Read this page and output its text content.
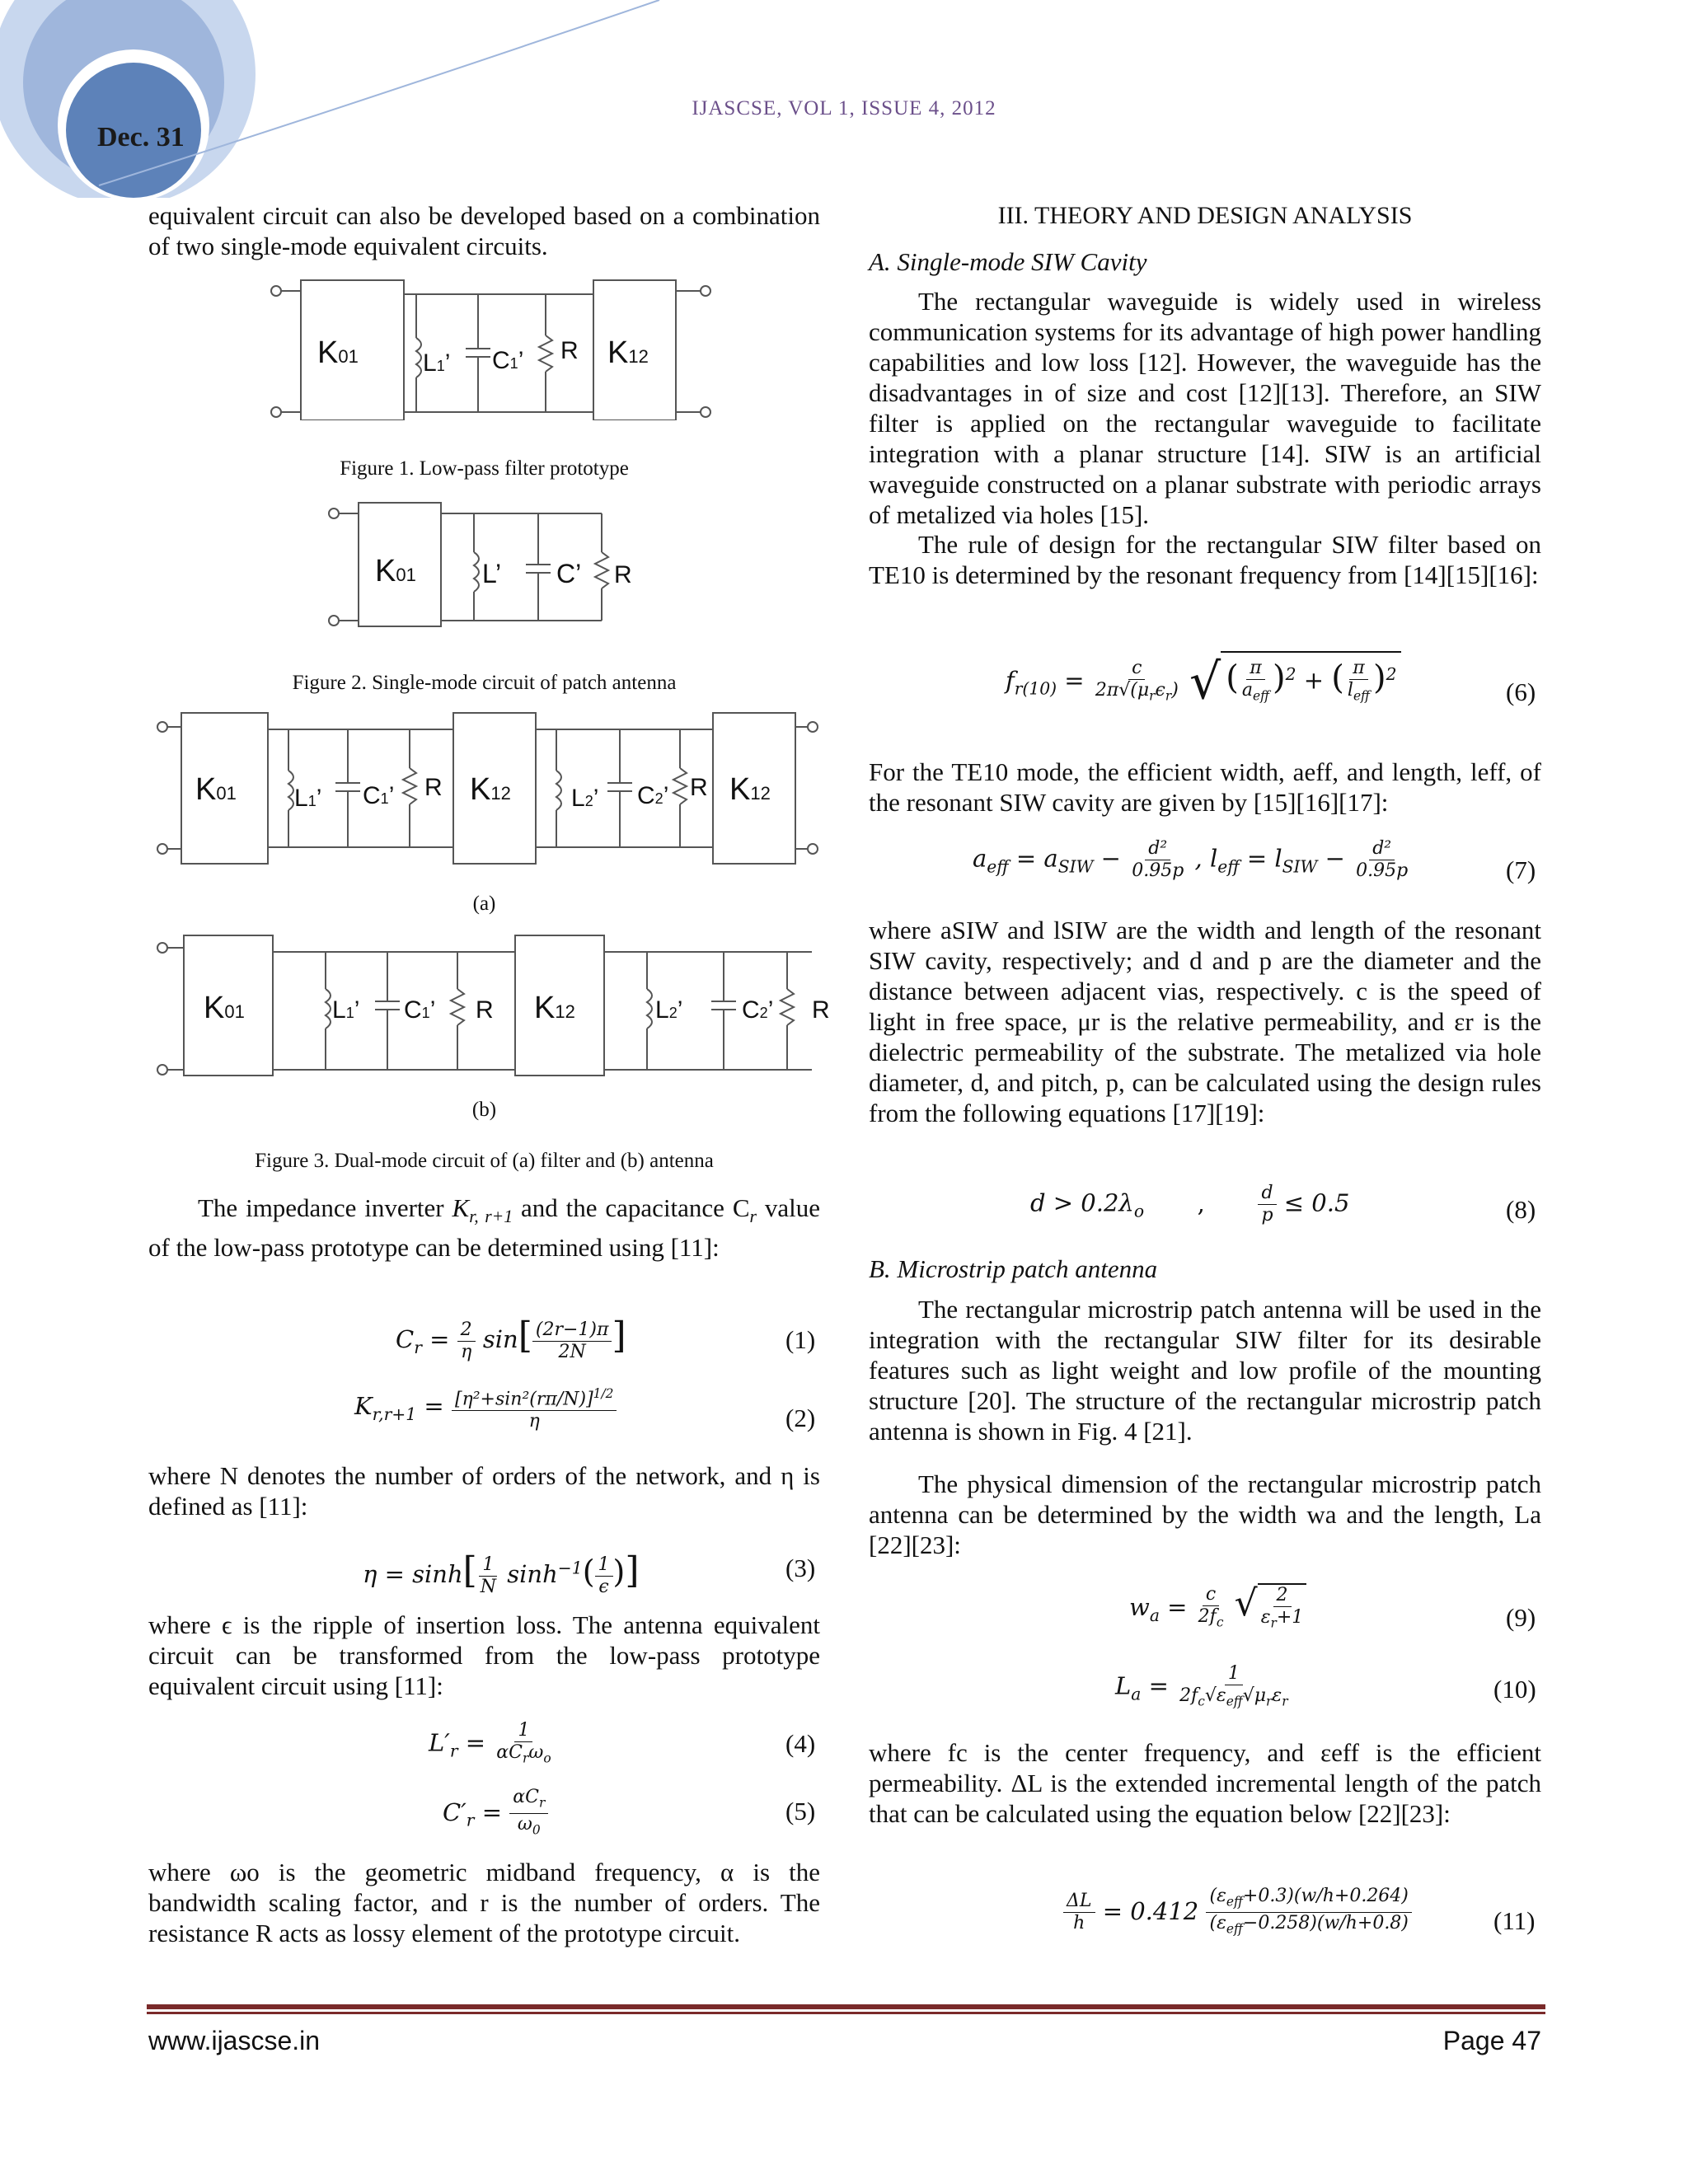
Dec. 31
IJASCSE, VOL 1, ISSUE 4, 2012

equivalent circuit can also be developed based on a combination of two single-mode equivalent circuits.

K01	L1’ C1’ R K12
Figure 1. Low-pass filter prototype
K01	L’ C’ R
Figure 2. Single-mode circuit of patch antenna
K01 L1’ C1’ R K12 L2’ C2’ R K12
(a)
K01	L1’ C1’ R K12	L2’ C2’ R
(b)
Figure 3. Dual-mode circuit of (a) filter and (b) antenna

The impedance inverter $K_{r, r+1}$ and the capacitance $C_r$ value of the low-pass prototype can be determined using [11]:

$C_r = \frac{2}{\eta} \sin[ \frac{(2r-1)\pi}{2N}$ ]	(1)
$K_{r,r+1} = \frac{[\eta^2+\sin^2(r\pi/N)]^{1/2}}{\eta}$	(2)

where N denotes the number of orders of the network, and η is defined as [11]:

$\eta = \sinh[ \frac{1}{N} \sinh^{-1}( \frac{1}{\epsilon}$ )]	(3)

where ϵ is the ripple of insertion loss. The antenna equivalent circuit can be transformed from the low-pass prototype equivalent circuit using [11]:

$L'_r = \frac{1}{\alpha C_r\omega_o}$	(4)
$C'_r = \frac{\alpha C_r}{\omega_0}$	(5)

where ωo is the geometric midband frequency, α is the bandwidth scaling factor, and r is the number of orders. The resistance R acts as lossy element of the prototype circuit.

III. THEORY AND DESIGN ANALYSIS
A. Single-mode SIW Cavity

The rectangular waveguide is widely used in wireless communication systems for its advantage of high power handling capabilities and low loss [12]. However, the waveguide has the disadvantages in of size and cost [12][13]. Therefore, an SIW filter is applied on the rectangular waveguide to facilitate integration with a planar structure [14]. SIW is an artificial waveguide constructed on a planar substrate with periodic arrays of metalized via holes [15].

The rule of design for the rectangular SIW filter based on TE10 is determined by the resonant frequency from [14][15][16]:

$f_{r(10)} = \frac{c}{2\pi√(\mu_r\epsilon_r)}$ √ ( $\frac{\pi}{a_{eff}} )^2$ + ( $\frac{\pi}{l_{eff}} )^2$
(6)

For the TE10 mode, the efficient width, aeff, and length, leff, of the resonant SIW cavity are given by [15][16][17]:

$a_{eff} = a_{SIW} - \frac{\text{d²}}{0.95p}$ , $l_{eff} = l_{SIW} - \frac{\text{d²}}{0.95p}$	(7)

where aSIW and lSIW are the width and length of the resonant SIW cavity, respectively; and d and p are the diameter and the distance between adjacent vias, respectively. c is the speed of light in free space, μr is the relative permeability, and εr is the dielectric permeability of the substrate. The metalized via hole diameter, d, and pitch, p, can be calculated using the design rules from the following equations [17][19]:

$d > 0.2\lambda_o$ ,	$\frac{d}{p} \le 0.5$	(8)
B. Microstrip patch antenna

The rectangular microstrip patch antenna will be used in the integration with the rectangular SIW filter for its desirable features such as light weight and low profile of the mounting structure [20]. The structure of the rectangular microstrip patch antenna is shown in Fig. 4 [21].

The physical dimension of the rectangular microstrip patch antenna can be determined by the width wa and the length, La [22][23]:

$w_a = \frac{c}{2f_c}$ √ $\frac{2}{\varepsilon_r+1}$	(9)
$L_a = \frac{1}{2f_c√\varepsilon_{eff}√\mu_r\varepsilon_r}$	(10)

where fc is the center frequency, and εeff is the efficient permeability. ΔL is the extended incremental length of the patch that can be calculated using the equation below [22][23]:

$\frac{\Delta L}{h} = 0.412 \frac{(\varepsilon_{eff}+0.3)(w/h+0.264)}{(\varepsilon_{eff}-0.258)(w/h+0.8)}$	(11)
www.ijascse.in	Page 47
